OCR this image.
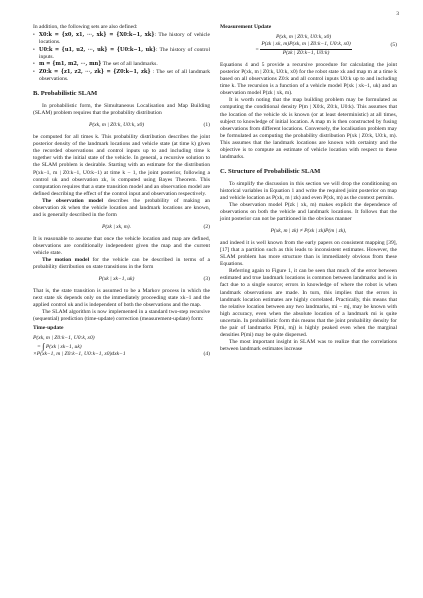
3

In addition, the following sets are also defined:

• X0:k = {x0, x1, ⋯, xk} = {X0:k−1, xk}: The history of vehicle locations.
• U0:k = {u1, u2, ⋯, uk} = {U0:k−1, uk}: The history of control inputs.
• m = {m1, m2, ⋯, mn} The set of all landmarks.
• Z0:k = {z1, z2, ⋯, zk} = {Z0:k−1, zk} : The set of all landmark observations.
B. Probabilistic SLAM

In probabilistic form, the Simultaneous Localisation and Map Building (SLAM) problem requires that the probability distribution

P(xk, m | Z0:k, U0:k, x0)	(1)

be computed for all times k. This probability distribution describes the joint posterior density of the landmark locations and vehicle state (at time k) given the recorded observations and control inputs up to and including time k together with the initial state of the vehicle. In general, a recursive solution to the SLAM problem is desirable. Starting with an estimate for the distribution P(xk−1, m | Z0:k−1, U0:k−1) at time k − 1, the joint posterior, following a control uk and observation zk, is computed using Bayes Theorem. This computation requires that a state transition model and an observation model are defined describing the effect of the control input and observation respectively.

The observation model describes the probability of making an observation zk when the vehicle location and landmark locations are known, and is generally described in the form

P(zk | xk, m).	(2)

It is reasonable to assume that once the vehicle location and map are defined, observations are conditionally independent given the map and the current vehicle state.

The motion model for the vehicle can be described in terms of a probability distribution on state transitions in the form

P(xk | xk−1, uk)	(3)

That is, the state transition is assumed to be a Markov process in which the next state xk depends only on the immediately proceeding state xk−1 and the applied control uk and is independent of both the observations and the map.

The SLAM algorithm is now implemented in a standard two-step recursive (sequential) prediction (time-update) correction (measurement-update) form:

Time-update
P(xk, m | Z0:k−1, U0:k, x0)
= ∫ P(xk | xk−1, uk)
×P(xk−1, m | Z0:k−1, U0:k−1, x0)dxk−1	(4)
Measurement Update
P(xk, m | Z0:k, U0:k, x0)
= $\frac{P(zk | xk, m)P(xk, m | Z0:k-1, U0:k, x0)}{P(zk | Z0:k-1, U0:k)}$	(5)

Equations 4 and 5 provide a recursive procedure for calculating the joint posterior P(xk, m | Z0:k, U0:k, x0) for the robot state xk and map m at a time k based on all observations Z0:k and all control inputs U0:k up to and including time k. The recursion is a function of a vehicle model P(xk | xk−1, uk) and an observation model P(zk | xk, m).

It is worth noting that the map building problem may be formulated as computing the conditional density P(m | X0:k, Z0:k, U0:k). This assumes that the location of the vehicle xk is known (or at least deterministic) at all times, subject to knowledge of initial location. A map m is then constructed by fusing observations from different locations. Conversely, the localisation problem may be formulated as computing the probability distribution P(xk | Z0:k, U0:k, m). This assumes that the landmark locations are known with certainty and the objective is to compute an estimate of vehicle location with respect to these landmarks.

C. Structure of Probabilistic SLAM

To simplify the discussion in this section we will drop the conditioning on historical variables in Equation 1 and write the required joint posterior on map and vehicle location as P(xk, m | zk) and even P(xk, m) as the context permits.

The observation model P(zk | xk, m) makes explicit the dependence of observations on both the vehicle and landmark locations. It follows that the joint posterior can not be partitioned in the obvious manner

P(xk, m | zk) ≠ P(xk | zk)P(m | zk),

and indeed it is well known from the early papers on consistent mapping [39], [17] that a partition such as this leads to inconsistent estimates. However, the SLAM problem has more structure than is immediately obvious from these Equations.

Referring again to Figure 1, it can be seen that much of the error between estimated and true landmark locations is common between landmarks and is in fact due to a single source; errors in knowledge of where the robot is when landmark observations are made. In turn, this implies that the errors in landmark location estimates are highly correlated. Practically, this means that the relative location between any two landmarks, mi − mj, may be known with high accuracy, even when the absolute location of a landmark mi is quite uncertain. In probabilistic form this means that the joint probability density for the pair of landmarks P(mi, mj) is highly peaked even when the marginal densities P(mi) may be quite dispersed.

The most important insight in SLAM was to realize that the correlations between landmark estimates increase
